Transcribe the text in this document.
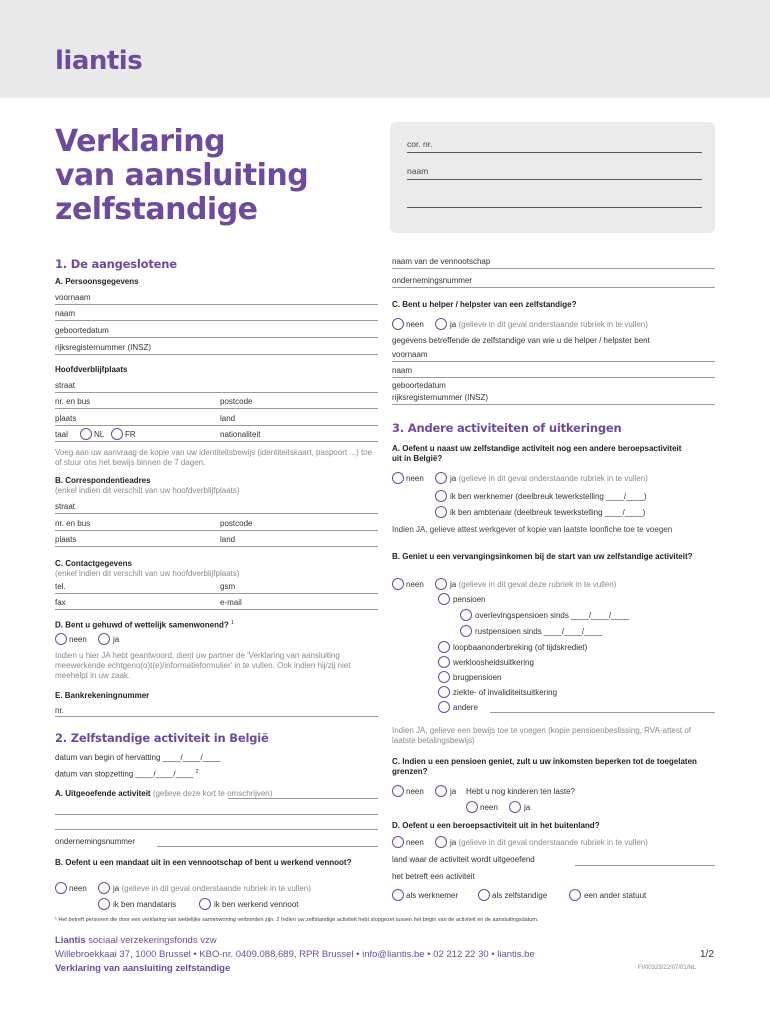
liantis
Verklaring
van aansluiting
zelfstandige
cor. nr.
naam
1. De aangeslotene
A. Persoonsgegevens
voornaam
naam
geboortedatum
rijksregisternummer (INSZ)
Hoofdverblijfplaats
straat
nr. en bus	postcode
plaats	land
taal	NL	FR	nationaliteit
Voeg aan uw aanvraag de kopie van uw identiteitsbewijs (identiteitskaart, paspoort ...) toe of stuur ons het bewijs binnen de 7 dagen.
B. Correspondentieadres
(enkel indien dit verschilt van uw hoofdverblijfplaats)
straat
nr. en bus	postcode
plaats	land
C. Contactgegevens
(enkel indien dit verschilt van uw hoofdverblijfplaats)
tel.	gsm
fax	e-mail
D. Bent u gehuwd of wettelijk samenwonend? $^1$
neen	ja
Indien u hier JA hebt geantwoord, dient uw partner de 'Verklaring van aansluiting meewerkende echtgeno(o)t(e)/informatieformulier' in te vullen. Ook indien hij/zij niet meehelpt in uw zaak.
E. Bankrekeningnummer
nr.
2. Zelfstandige activiteit in België
datum van begin of hervatting ____/____/____
datum van stopzetting ____/____/____ $^2$
A. Uitgeoefende activiteit (gelieve deze kort te omschrijven)
ondernemingsnummer
B. Oefent u een mandaat uit in een vennootschap of bent u werkend vennoot?
neen	ja (gelieve in dit geval onderstaande rubriek in te vullen)
ik ben mandataris	ik ben werkend vennoot
naam van de vennootschap
ondernemingsnummer
C. Bent u helper / helpster van een zelfstandige?
neen	ja (gelieve in dit geval onderstaande rubriek in te vullen)
gegevens betreffende de zelfstandige van wie u de helper / helpster bent
voornaam
naam
geboortedatum
rijksregisternummer (INSZ)
3. Andere activiteiten of uitkeringen
A. Oefent u naast uw zelfstandige activiteit nog een andere beroepsactiviteit uit in België?
neen	ja (gelieve in dit geval onderstaande rubriek in te vullen)
ik ben werknemer (deelbreuk tewerkstelling ____/____)
ik ben ambtenaar (deelbreuk tewerkstelling ____/____)
Indien JA, gelieve attest werkgever of kopie van laatste loonfiche toe te voegen
B. Geniet u een vervangingsinkomen bij de start van uw zelfstandige activiteit?
neen	ja (gelieve in dit geval deze rubriek in te vullen)
pensioen
overlevingspensioen sinds ____/____/____
rustpensioen sinds ____/____/____
loopbaanonderbreking (of tijdskrediet)
werkloosheidsuitkering
brugpensioen
ziekte- of invaliditeitsuitkering
andere
Indien JA, gelieve een bewijs toe te voegen (kopie pensioenbeslissing, RVA-attest of laatste betalingsbewijs)
C. Indien u een pensioen geniet, zult u uw inkomsten beperken tot de toegelaten grenzen?
neen	ja Hebt u nog kinderen ten laste?
neen	ja
D. Oefent u een beroepsactiviteit uit in het buitenland?
neen	ja (gelieve in dit geval onderstaande rubriek in te vullen)
land waar de activiteit wordt uitgeoefend
het betreft een activiteit
als werknemer	als zelfstandige	een ander statuut
¹ Het betreft personen die door een verklaring van wettelijke samenwoning verbonden zijn. 2 Indien uw zelfstandige activiteit hebt stopgezet tussen het begin van de activiteit en de aansluitingsdatum.
Liantis sociaal verzekeringsfonds vzw
Willebroekkaai 37, 1000 Brussel • KBO-nr. 0409.088.689, RPR Brussel • info@liantis.be • 02 212 22 30 • liantis.be
Verklaring van aansluiting zelfstandige
1/2
FI/00323/22/07/01/NL
